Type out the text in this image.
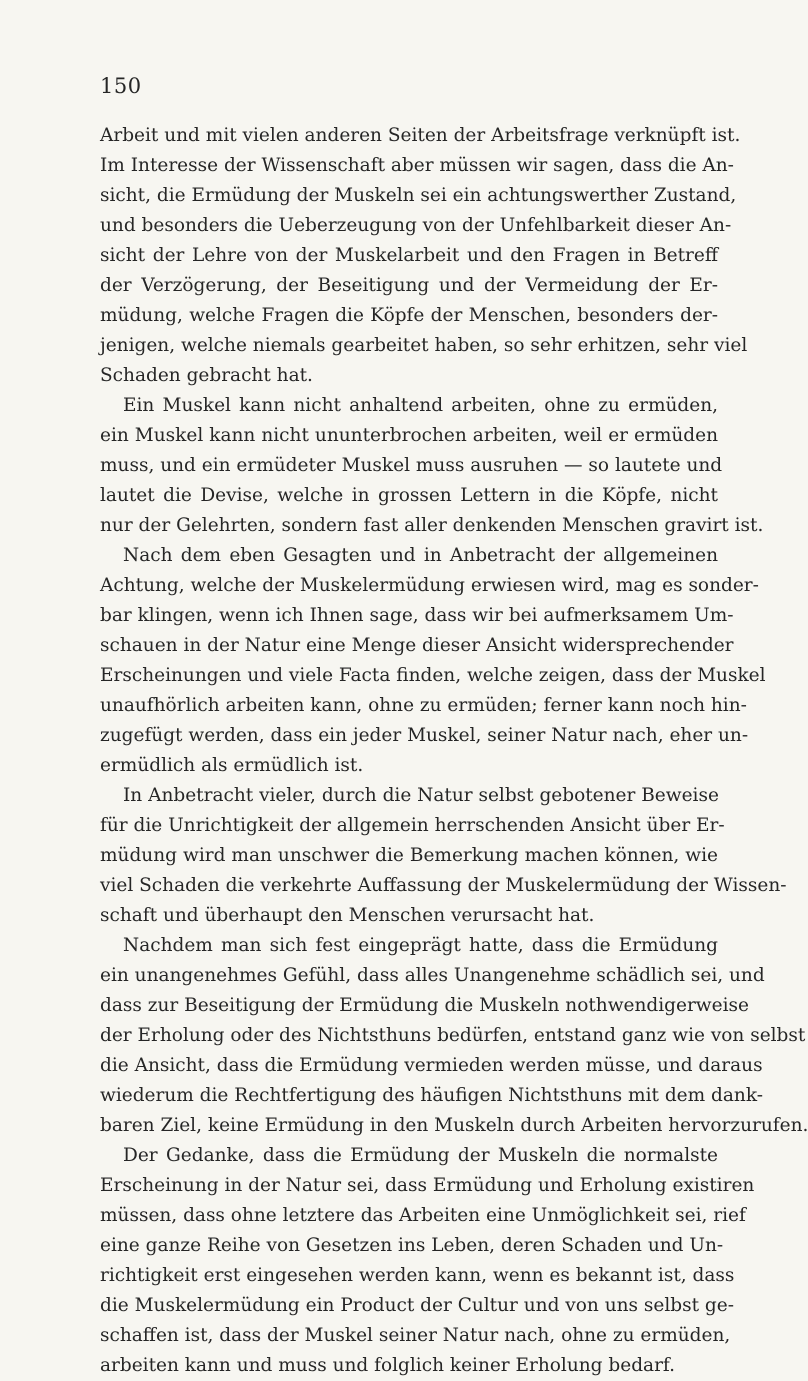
150
Arbeit und mit vielen anderen Seiten der Arbeitsfrage verknüpft ist.
Im Interesse der Wissenschaft aber müssen wir sagen, dass die An-
sicht, die Ermüdung der Muskeln sei ein achtungswerther Zustand,
und besonders die Ueberzeugung von der Unfehlbarkeit dieser An-
sicht der Lehre von der Muskelarbeit und den Fragen in Betreff
der Verzögerung, der Beseitigung und der Vermeidung der Er-
müdung, welche Fragen die Köpfe der Menschen, besonders der-
jenigen, welche niemals gearbeitet haben, so sehr erhitzen, sehr viel
Schaden gebracht hat.
Ein Muskel kann nicht anhaltend arbeiten, ohne zu ermüden,
ein Muskel kann nicht ununterbrochen arbeiten, weil er ermüden
muss, und ein ermüdeter Muskel muss ausruhen — so lautete und
lautet die Devise, welche in grossen Lettern in die Köpfe, nicht
nur der Gelehrten, sondern fast aller denkenden Menschen gravirt ist.
Nach dem eben Gesagten und in Anbetracht der allgemeinen
Achtung, welche der Muskelermüdung erwiesen wird, mag es sonder-
bar klingen, wenn ich Ihnen sage, dass wir bei aufmerksamem Um-
schauen in der Natur eine Menge dieser Ansicht widersprechender
Erscheinungen und viele Facta finden, welche zeigen, dass der Muskel
unaufhörlich arbeiten kann, ohne zu ermüden; ferner kann noch hin-
zugefügt werden, dass ein jeder Muskel, seiner Natur nach, eher un-
ermüdlich als ermüdlich ist.
In Anbetracht vieler, durch die Natur selbst gebotener Beweise
für die Unrichtigkeit der allgemein herrschenden Ansicht über Er-
müdung wird man unschwer die Bemerkung machen können, wie
viel Schaden die verkehrte Auffassung der Muskelermüdung der Wissen-
schaft und überhaupt den Menschen verursacht hat.
Nachdem man sich fest eingeprägt hatte, dass die Ermüdung
ein unangenehmes Gefühl, dass alles Unangenehme schädlich sei, und
dass zur Beseitigung der Ermüdung die Muskeln nothwendigerweise
der Erholung oder des Nichtsthuns bedürfen, entstand ganz wie von selbst
die Ansicht, dass die Ermüdung vermieden werden müsse, und daraus
wiederum die Rechtfertigung des häufigen Nichtsthuns mit dem dank-
baren Ziel, keine Ermüdung in den Muskeln durch Arbeiten hervorzurufen.
Der Gedanke, dass die Ermüdung der Muskeln die normalste
Erscheinung in der Natur sei, dass Ermüdung und Erholung existiren
müssen, dass ohne letztere das Arbeiten eine Unmöglichkeit sei, rief
eine ganze Reihe von Gesetzen ins Leben, deren Schaden und Un-
richtigkeit erst eingesehen werden kann, wenn es bekannt ist, dass
die Muskelermüdung ein Product der Cultur und von uns selbst ge-
schaffen ist, dass der Muskel seiner Natur nach, ohne zu ermüden,
arbeiten kann und muss und folglich keiner Erholung bedarf.
